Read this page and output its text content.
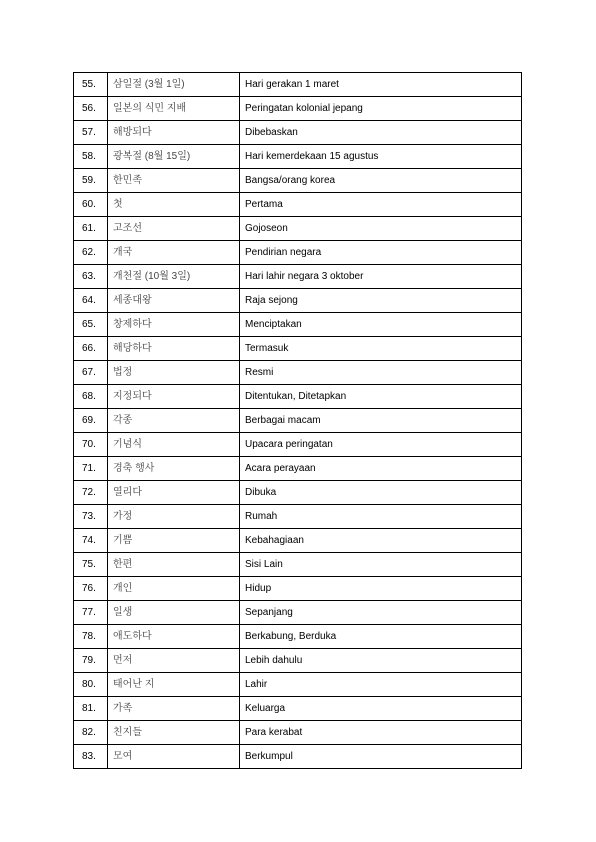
55.	삼일절 (3월 1일)	Hari gerakan 1 maret
56.	일본의 식민 지배	Peringatan kolonial jepang
57.	해방되다	Dibebaskan
58.	광복절 (8월 15일)	Hari kemerdekaan 15 agustus
59.	한민족	Bangsa/orang korea
60.	첫	Pertama
61.	고조선	Gojoseon
62.	개국	Pendirian negara
63.	개천절 (10월 3일)	Hari lahir negara 3 oktober
64.	세종대왕	Raja sejong
65.	창제하다	Menciptakan
66.	해당하다	Termasuk
67.	법정	Resmi
68.	지정되다	Ditentukan, Ditetapkan
69.	각종	Berbagai macam
70.	기념식	Upacara peringatan
71.	경축 행사	Acara perayaan
72.	열리다	Dibuka
73.	가정	Rumah
74.	기쁨	Kebahagiaan
75.	한편	Sisi Lain
76.	개인	Hidup
77.	일생	Sepanjang
78.	애도하다	Berkabung, Berduka
79.	먼저	Lebih dahulu
80.	태어난 지	Lahir
81.	가족	Keluarga
82.	친지들	Para kerabat
83.	모여	Berkumpul
